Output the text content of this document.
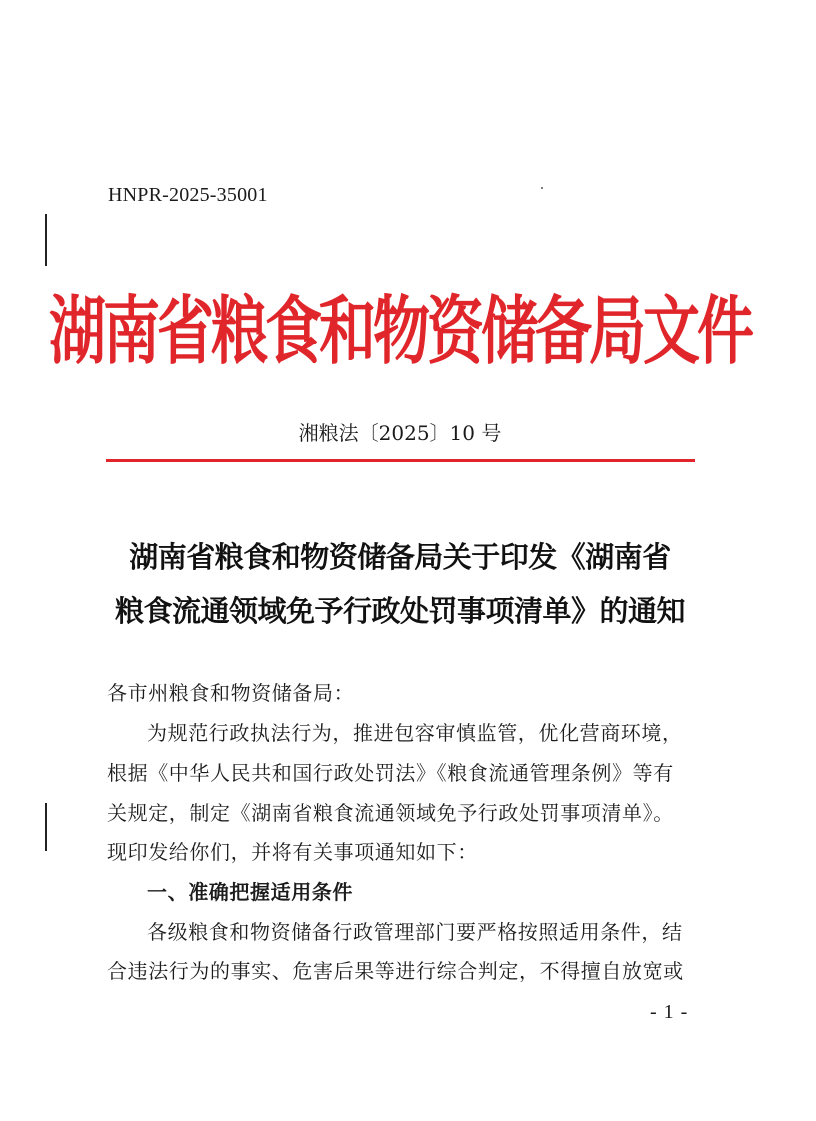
HNPR-2025-35001
湖南省粮食和物资储备局文件
湘粮法〔2025〕10 号
湖南省粮食和物资储备局关于印发《湖南省
粮食流通领域免予行政处罚事项清单》的通知
各市州粮食和物资储备局：
为规范行政执法行为，推进包容审慎监管，优化营商环境，
根据《中华人民共和国行政处罚法》《粮食流通管理条例》等有
关规定，制定《湖南省粮食流通领域免予行政处罚事项清单》。
现印发给你们，并将有关事项通知如下：
一、准确把握适用条件
各级粮食和物资储备行政管理部门要严格按照适用条件，结
合违法行为的事实、危害后果等进行综合判定，不得擅自放宽或
- 1 -
